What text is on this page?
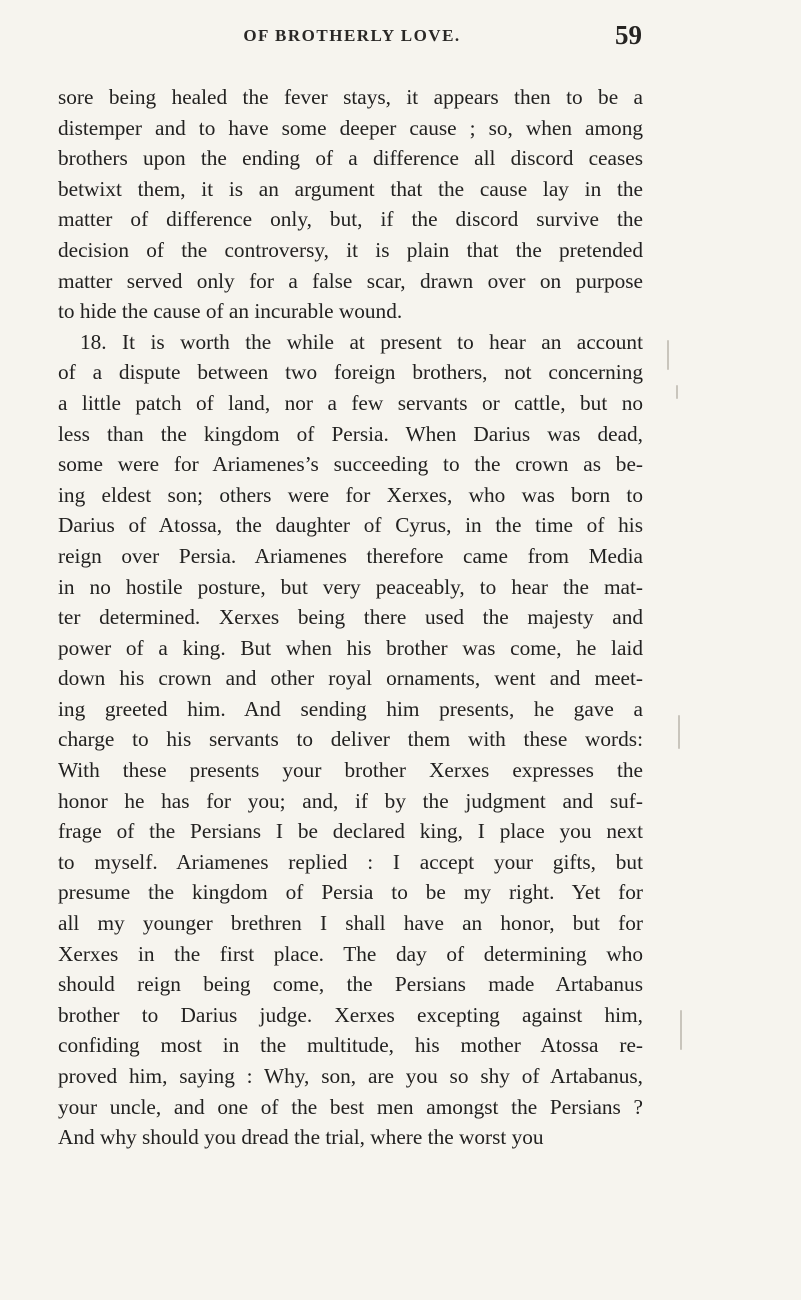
OF BROTHERLY LOVE.	59
sore being healed the fever stays, it appears then to be a
distemper and to have some deeper cause ; so, when among
brothers upon the ending of a difference all discord ceases
betwixt them, it is an argument that the cause lay in the
matter of difference only, but, if the discord survive the
decision of the controversy, it is plain that the pretended
matter served only for a false scar, drawn over on purpose
to hide the cause of an incurable wound.
18. It is worth the while at present to hear an account
of a dispute between two foreign brothers, not concerning
a little patch of land, nor a few servants or cattle, but no
less than the kingdom of Persia. When Darius was dead,
some were for Ariamenes’s succeeding to the crown as be-
ing eldest son; others were for Xerxes, who was born to
Darius of Atossa, the daughter of Cyrus, in the time of his
reign over Persia. Ariamenes therefore came from Media
in no hostile posture, but very peaceably, to hear the mat-
ter determined. Xerxes being there used the majesty and
power of a king. But when his brother was come, he laid
down his crown and other royal ornaments, went and meet-
ing greeted him. And sending him presents, he gave a
charge to his servants to deliver them with these words:
With these presents your brother Xerxes expresses the
honor he has for you; and, if by the judgment and suf-
frage of the Persians I be declared king, I place you next
to myself. Ariamenes replied : I accept your gifts, but
presume the kingdom of Persia to be my right. Yet for
all my younger brethren I shall have an honor, but for
Xerxes in the first place. The day of determining who
should reign being come, the Persians made Artabanus
brother to Darius judge. Xerxes excepting against him,
confiding most in the multitude, his mother Atossa re-
proved him, saying : Why, son, are you so shy of Artabanus,
your uncle, and one of the best men amongst the Persians ?
And why should you dread the trial, where the worst you
